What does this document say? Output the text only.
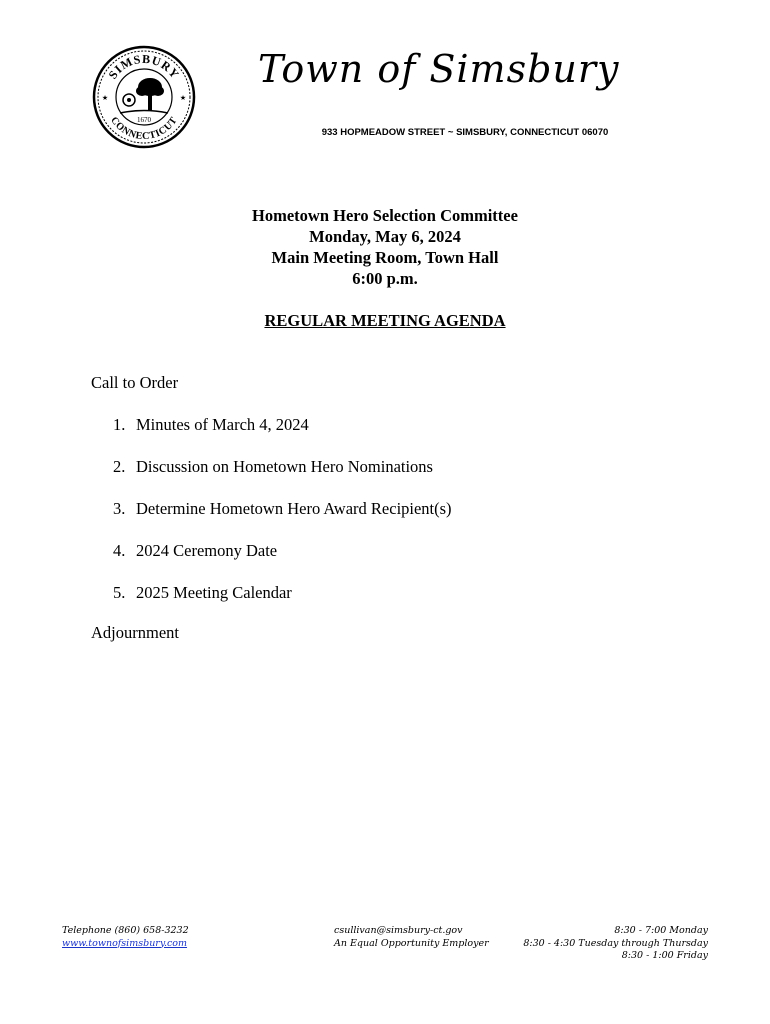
SIMSBURY
CONNECTICUT
1670
★	★
Town of Simsbury
933 HOPMEADOW STREET ~ SIMSBURY, CONNECTICUT 06070
Hometown Hero Selection Committee
Monday, May 6, 2024
Main Meeting Room, Town Hall
6:00 p.m.
REGULAR MEETING AGENDA
Call to Order
1. Minutes of March 4, 2024
2. Discussion on Hometown Hero Nominations
3. Determine Hometown Hero Award Recipient(s)
4. 2024 Ceremony Date
5. 2025 Meeting Calendar
Adjournment
Telephone (860) 658-3232
www.townofsimsbury.com
csullivan@simsbury-ct.gov
An Equal Opportunity Employer
8:30 - 7:00 Monday
8:30 - 4:30 Tuesday through Thursday
8:30 - 1:00 Friday
